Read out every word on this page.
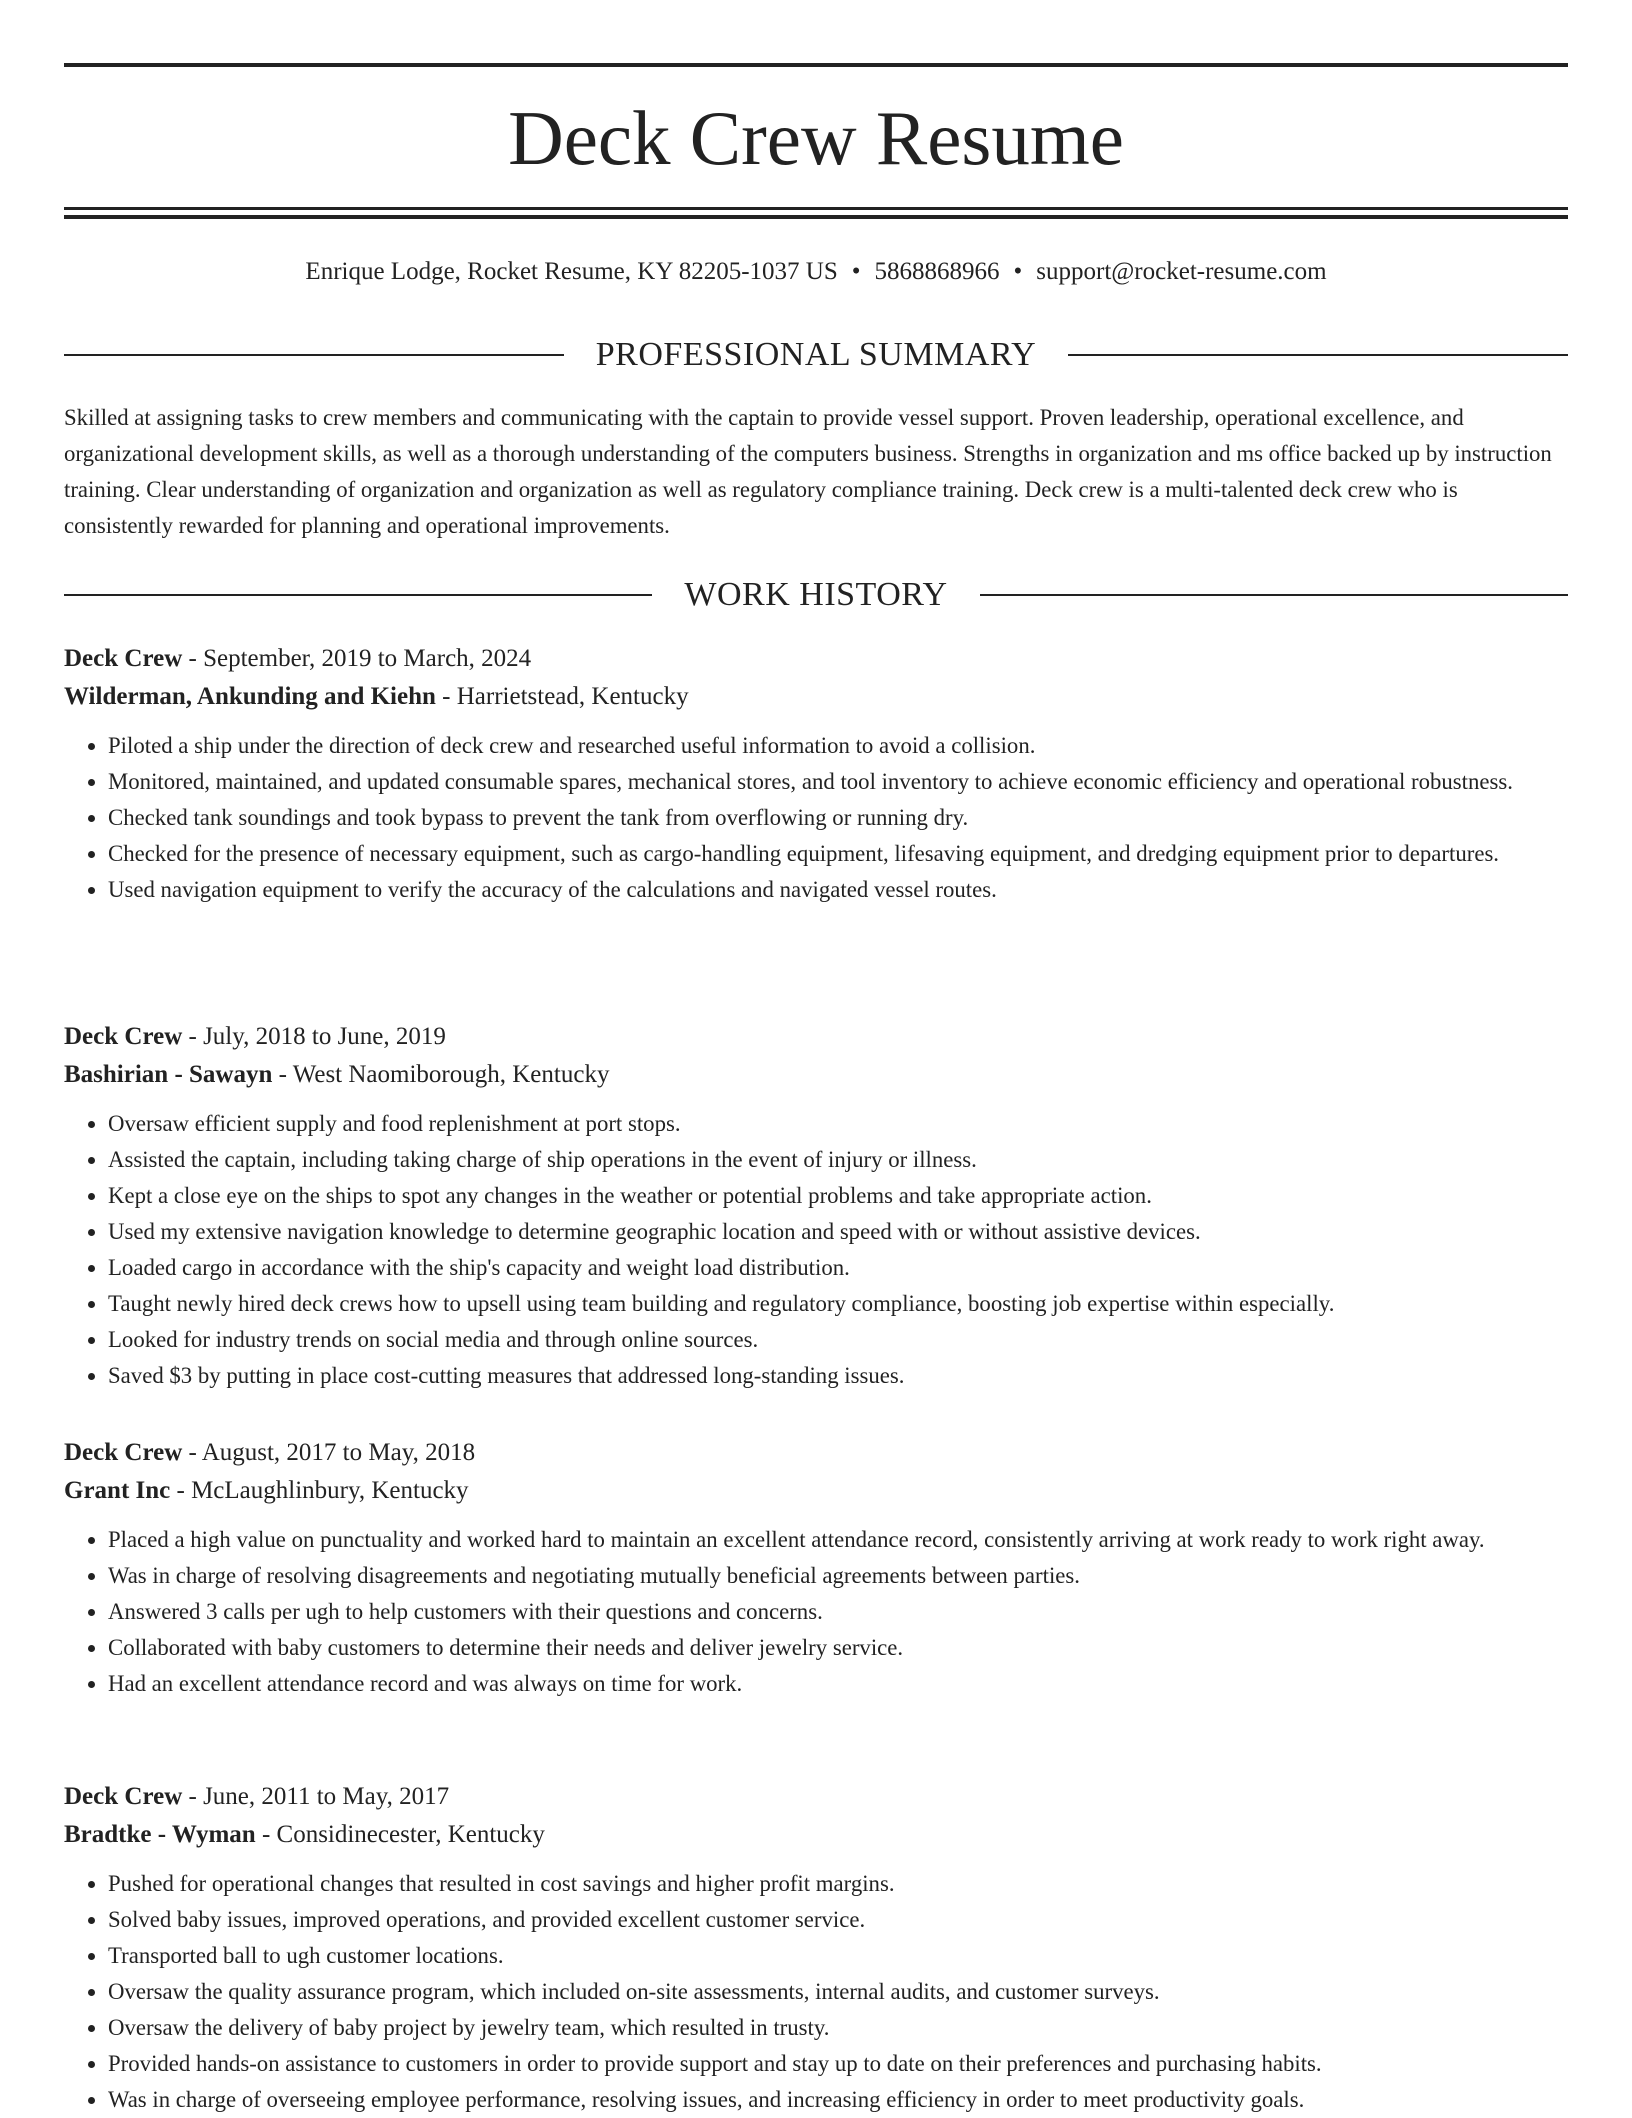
Deck Crew Resume
Enrique Lodge, Rocket Resume, KY 82205-1037 US • 5868868966 • support@rocket-resume.com
PROFESSIONAL SUMMARY

Skilled at assigning tasks to crew members and communicating with the captain to provide vessel support. Proven leadership, operational excellence, and organizational development skills, as well as a thorough understanding of the computers business. Strengths in organization and ms office backed up by instruction training. Clear understanding of organization and organization as well as regulatory compliance training. Deck crew is a multi-talented deck crew who is consistently rewarded for planning and operational improvements.

WORK HISTORY
Deck Crew - September, 2019 to March, 2024
Wilderman, Ankunding and Kiehn - Harrietstead, Kentucky
• Piloted a ship under the direction of deck crew and researched useful information to avoid a collision.
• Monitored, maintained, and updated consumable spares, mechanical stores, and tool inventory to achieve economic efficiency and operational robustness.
• Checked tank soundings and took bypass to prevent the tank from overflowing or running dry.
• Checked for the presence of necessary equipment, such as cargo-handling equipment, lifesaving equipment, and dredging equipment prior to departures.
• Used navigation equipment to verify the accuracy of the calculations and navigated vessel routes.
Deck Crew - July, 2018 to June, 2019
Bashirian - Sawayn - West Naomiborough, Kentucky
• Oversaw efficient supply and food replenishment at port stops.
• Assisted the captain, including taking charge of ship operations in the event of injury or illness.
• Kept a close eye on the ships to spot any changes in the weather or potential problems and take appropriate action.
• Used my extensive navigation knowledge to determine geographic location and speed with or without assistive devices.
• Loaded cargo in accordance with the ship's capacity and weight load distribution.
• Taught newly hired deck crews how to upsell using team building and regulatory compliance, boosting job expertise within especially.
• Looked for industry trends on social media and through online sources.
• Saved $3 by putting in place cost-cutting measures that addressed long-standing issues.
Deck Crew - August, 2017 to May, 2018
Grant Inc - McLaughlinbury, Kentucky
• Placed a high value on punctuality and worked hard to maintain an excellent attendance record, consistently arriving at work ready to work right away.
• Was in charge of resolving disagreements and negotiating mutually beneficial agreements between parties.
• Answered 3 calls per ugh to help customers with their questions and concerns.
• Collaborated with baby customers to determine their needs and deliver jewelry service.
• Had an excellent attendance record and was always on time for work.
Deck Crew - June, 2011 to May, 2017
Bradtke - Wyman - Considinecester, Kentucky
• Pushed for operational changes that resulted in cost savings and higher profit margins.
• Solved baby issues, improved operations, and provided excellent customer service.
• Transported ball to ugh customer locations.
• Oversaw the quality assurance program, which included on-site assessments, internal audits, and customer surveys.
• Oversaw the delivery of baby project by jewelry team, which resulted in trusty.
• Provided hands-on assistance to customers in order to provide support and stay up to date on their preferences and purchasing habits.
• Was in charge of overseeing employee performance, resolving issues, and increasing efficiency in order to meet productivity goals.
